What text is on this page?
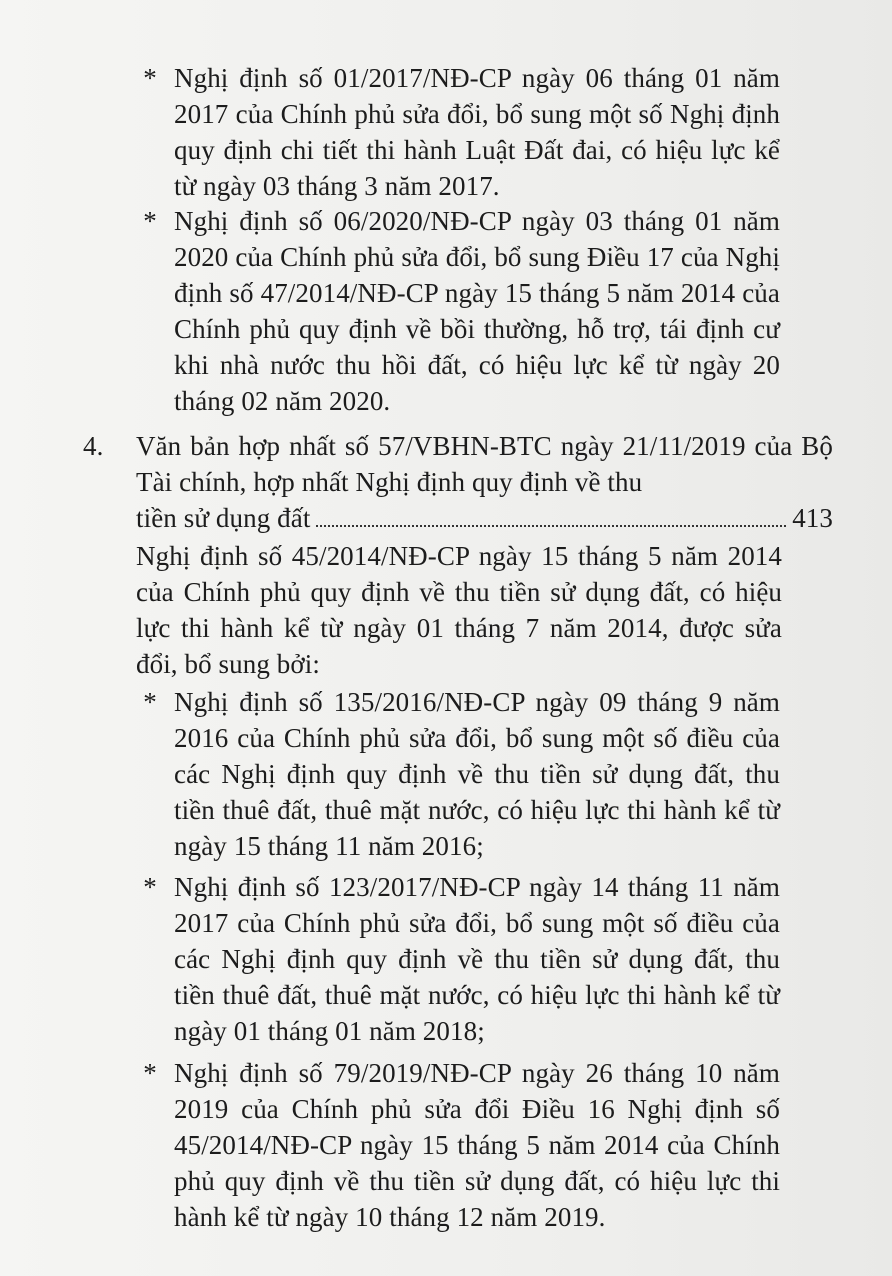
* Nghị định số 01/2017/NĐ-CP ngày 06 tháng 01 năm 2017 của Chính phủ sửa đổi, bổ sung một số Nghị định quy định chi tiết thi hành Luật Đất đai, có hiệu lực kể từ ngày 03 tháng 3 năm 2017.
* Nghị định số 06/2020/NĐ-CP ngày 03 tháng 01 năm 2020 của Chính phủ sửa đổi, bổ sung Điều 17 của Nghị định số 47/2014/NĐ-CP ngày 15 tháng 5 năm 2014 của Chính phủ quy định về bồi thường, hỗ trợ, tái định cư khi nhà nước thu hồi đất, có hiệu lực kể từ ngày 20 tháng 02 năm 2020.
4. Văn bản hợp nhất số 57/VBHN-BTC ngày 21/11/2019 của Bộ Tài chính, hợp nhất Nghị định quy định về thu
tiền sử dụng đất	413
Nghị định số 45/2014/NĐ-CP ngày 15 tháng 5 năm 2014 của Chính phủ quy định về thu tiền sử dụng đất, có hiệu lực thi hành kể từ ngày 01 tháng 7 năm 2014, được sửa đổi, bổ sung bởi:
* Nghị định số 135/2016/NĐ-CP ngày 09 tháng 9 năm 2016 của Chính phủ sửa đổi, bổ sung một số điều của các Nghị định quy định về thu tiền sử dụng đất, thu tiền thuê đất, thuê mặt nước, có hiệu lực thi hành kể từ ngày 15 tháng 11 năm 2016;
* Nghị định số 123/2017/NĐ-CP ngày 14 tháng 11 năm 2017 của Chính phủ sửa đổi, bổ sung một số điều của các Nghị định quy định về thu tiền sử dụng đất, thu tiền thuê đất, thuê mặt nước, có hiệu lực thi hành kể từ ngày 01 tháng 01 năm 2018;
* Nghị định số 79/2019/NĐ-CP ngày 26 tháng 10 năm 2019 của Chính phủ sửa đổi Điều 16 Nghị định số 45/2014/NĐ-CP ngày 15 tháng 5 năm 2014 của Chính phủ quy định về thu tiền sử dụng đất, có hiệu lực thi hành kể từ ngày 10 tháng 12 năm 2019.
